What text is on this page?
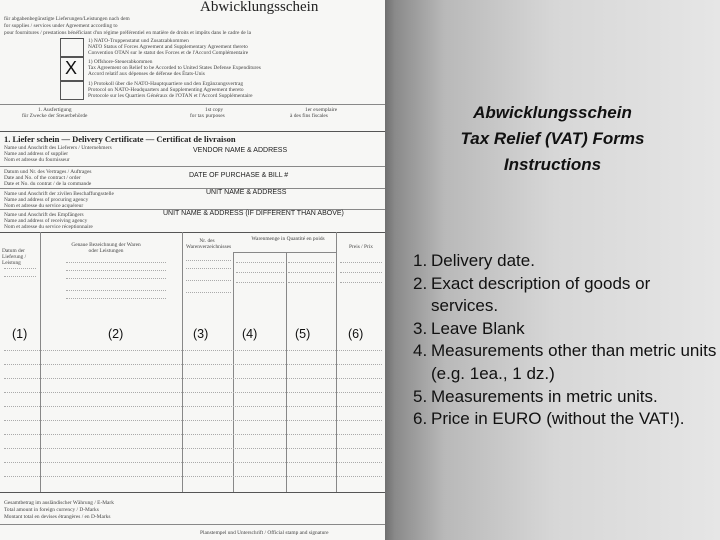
Abwicklungsschein
für abgabenbegünstigte Lieferungen/Leistungen nach dem
for supplies / services under Agreement according to
pour fournitures / prestations bénéficiant d'un régime préférentiel en matière de droits et impôts dans le cadre de la
X
1) NATO-Truppenstatut und Zusatzabkommen
NATO Status of Forces Agreement and Supplementary Agreement thereto
Convention OTAN sur le statut des Forces et de l'Accord Complémentaire
1) Offshore-Steuerabkommen
Tax Agreement on Relief to be Accorded to United States Defense Expenditures
Accord relatif aux dépenses de défense des États-Unis
1) Protokoll über die NATO-Hauptquartiere und den Ergänzungsvertrag
Protocol on NATO-Headquarters and Supplementing Agreement thereto
Protocole sur les Quartiers Généraux de l'OTAN et l'Accord Supplémentaire
1. Ausfertigung
für Zwecke der Steuerbehörde
1st copy
for tax purposes
1er exemplaire
à des fins fiscales
1. Liefer schein — Delivery Certificate — Certificat de livraison
Name und Anschrift des Lieferers / Unternehmers
Name and address of supplier
Nom et adresse du fournisseur
VENDOR NAME & ADDRESS
Datum und Nr. des Vertrages / Auftrages
Date and No. of the contract / order
Date et No. du contrat / de la commande
DATE OF PURCHASE & BILL #
Name und Anschrift der zivilen Beschaffungsstelle
Name and address of procuring agency
Nom et adresse du service acquéreur
UNIT NAME & ADDRESS
Name und Anschrift des Empfängers
Name and address of receiving agency
Nom et adresse du service réceptionnaire
UNIT NAME & ADDRESS (IF DIFFERENT THAN ABOVE)
Datum der Lieferung / Leistung
Genaue Bezeichnung der Waren oder Leistungen
Nr. des Warenverzeichnisses
Warenmenge in Quantité en poids
Preis / Prix
(1)	(2)	(3)	(4)	(5)	(6)
Gesamtbetrag im ausländischer Währung / E-Mark
Total amount in foreign currency / D-Marks
Montant total en devises étrangères / en D-Marks
Planstempel und Unterschrift / Official stamp and signature
Abwicklungsschein
Tax Relief (VAT) Forms
Instructions
1. Delivery date.
2. Exact description of goods or services.
3. Leave Blank
4. Measurements other than metric units (e.g. 1ea., 1 dz.)
5. Measurements in metric units.
6. Price in EURO (without the VAT!).
